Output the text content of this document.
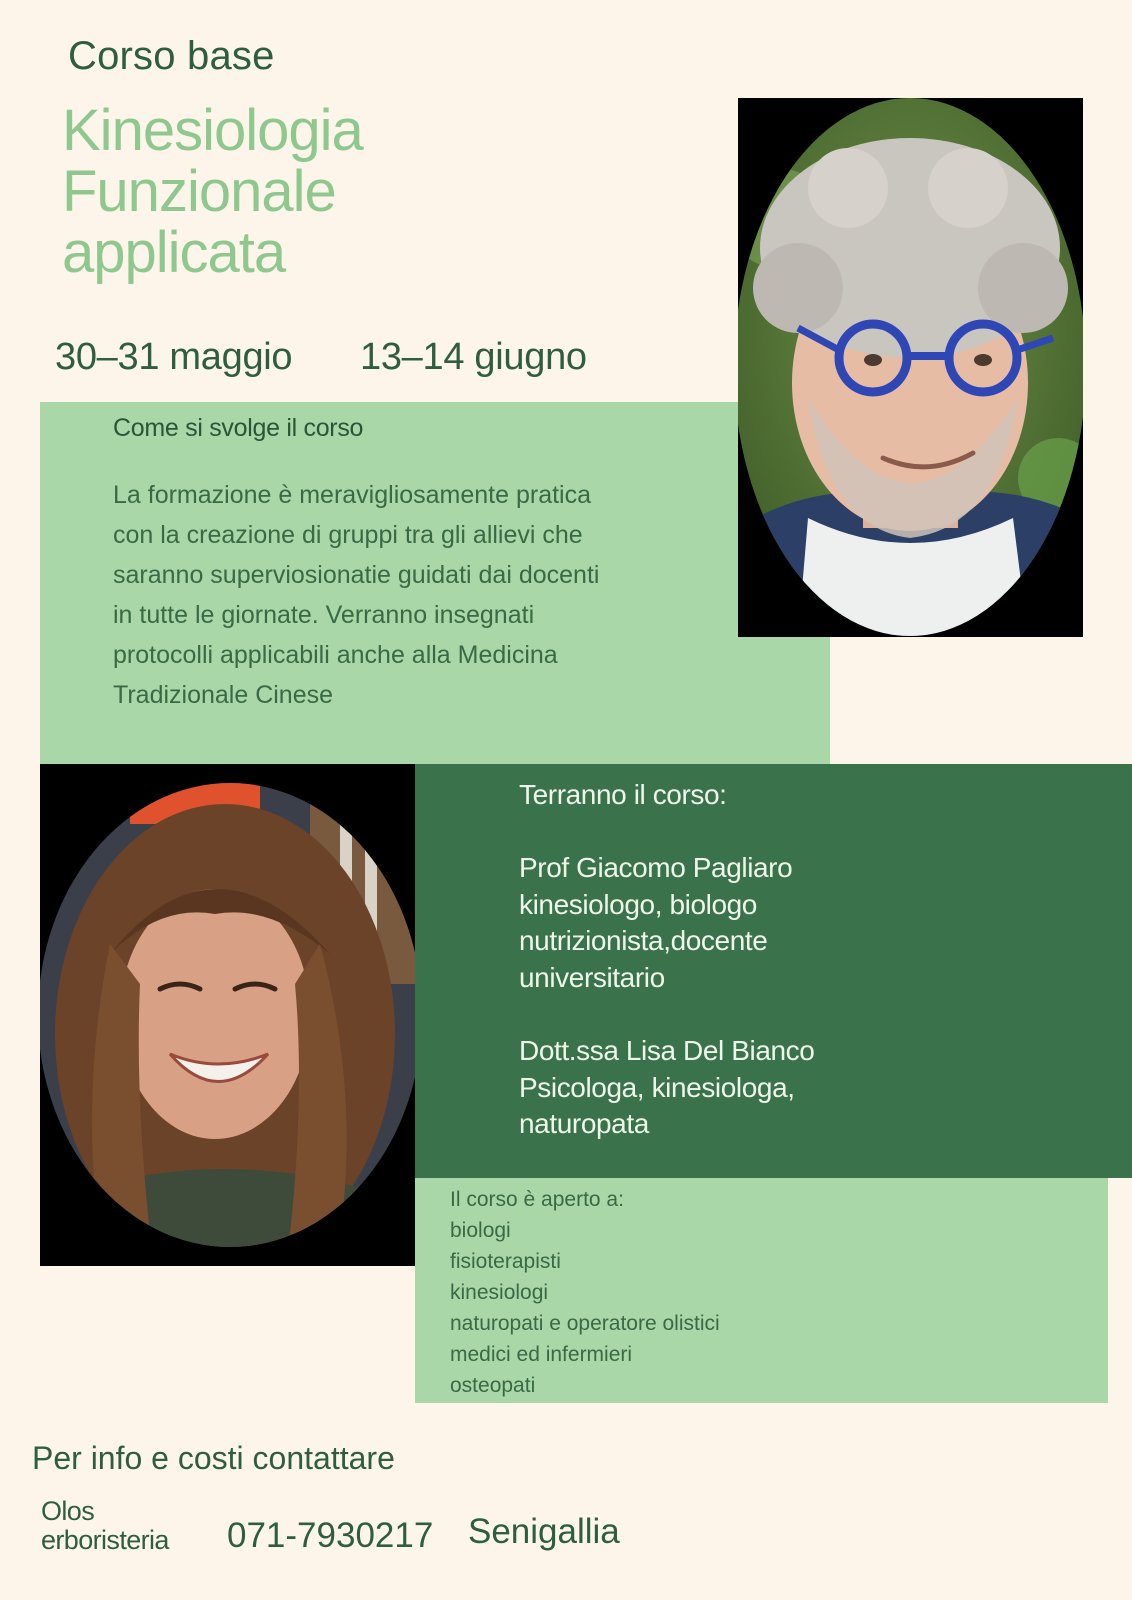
Corso base
Kinesiologia
Funzionale
applicata
30–31 maggio 13–14 giugno
Come si svolge il corso
La formazione è meravigliosamente pratica con la creazione di gruppi tra gli allievi che saranno superviosionatie guidati dai docenti in tutte le giornate. Verranno insegnati protocolli applicabili anche alla Medicina Tradizionale Cinese
Terranno il corso:
Prof Giacomo Pagliaro
kinesiologo, biologo
nutrizionista,docente
universitario
Dott.ssa Lisa Del Bianco
Psicologa, kinesiologa,
naturopata
Il corso è aperto a:
biologi
fisioterapisti
kinesiologi
naturopati e operatore olistici
medici ed infermieri
osteopati
Per info e costi contattare
Olos
erboristeria 071-7930217 Senigallia
